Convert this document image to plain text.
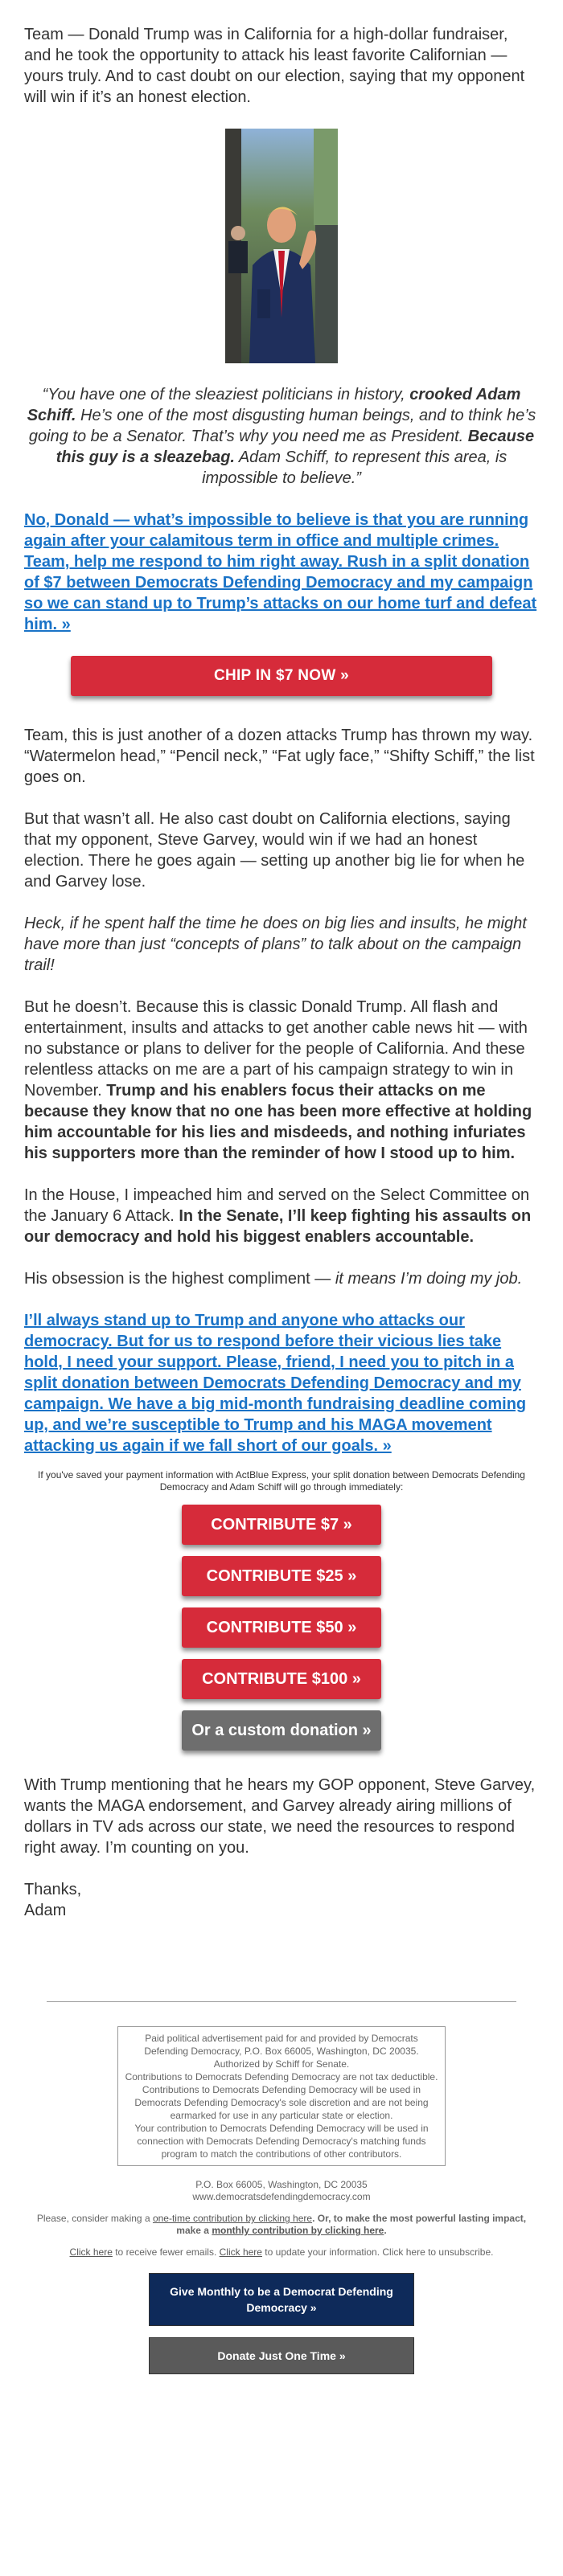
Team — Donald Trump was in California for a high-dollar fundraiser, and he took the opportunity to attack his least favorite Californian — yours truly. And to cast doubt on our election, saying that my opponent will win if it’s an honest election.

“You have one of the sleaziest politicians in history, crooked Adam Schiff. He’s one of the most disgusting human beings, and to think he’s going to be a Senator. That’s why you need me as President. Because this guy is a sleazebag. Adam Schiff, to represent this area, is impossible to believe.”

No, Donald — what’s impossible to believe is that you are running again after your calamitous term in office and multiple crimes. Team, help me respond to him right away. Rush in a split donation of $7 between Democrats Defending Democracy and my campaign so we can stand up to Trump’s attacks on our home turf and defeat him. »

CHIP IN $7 NOW »

Team, this is just another of a dozen attacks Trump has thrown my way. “Watermelon head,” “Pencil neck,” “Fat ugly face,” “Shifty Schiff,” the list goes on.

But that wasn’t all. He also cast doubt on California elections, saying that my opponent, Steve Garvey, would win if we had an honest election. There he goes again — setting up another big lie for when he and Garvey lose.

Heck, if he spent half the time he does on big lies and insults, he might have more than just “concepts of plans” to talk about on the campaign trail!

But he doesn’t. Because this is classic Donald Trump. All flash and entertainment, insults and attacks to get another cable news hit — with no substance or plans to deliver for the people of California. And these relentless attacks on me are a part of his campaign strategy to win in November. Trump and his enablers focus their attacks on me because they know that no one has been more effective at holding him accountable for his lies and misdeeds, and nothing infuriates his supporters more than the reminder of how I stood up to him.

In the House, I impeached him and served on the Select Committee on the January 6 Attack. In the Senate, I’ll keep fighting his assaults on our democracy and hold his biggest enablers accountable.

His obsession is the highest compliment — it means I’m doing my job.

I’ll always stand up to Trump and anyone who attacks our democracy. But for us to respond before their vicious lies take hold, I need your support. Please, friend, I need you to pitch in a split donation between Democrats Defending Democracy and my campaign. We have a big mid-month fundraising deadline coming up, and we’re susceptible to Trump and his MAGA movement attacking us again if we fall short of our goals. »

If you've saved your payment information with ActBlue Express, your split donation between Democrats Defending Democracy and Adam Schiff will go through immediately:

CONTRIBUTE $7 »
CONTRIBUTE $25 »
CONTRIBUTE $50 »
CONTRIBUTE $100 »
Or a custom donation »

With Trump mentioning that he hears my GOP opponent, Steve Garvey, wants the MAGA endorsement, and Garvey already airing millions of dollars in TV ads across our state, we need the resources to respond right away. I’m counting on you.

Thanks,
Adam

Paid political advertisement paid for and provided by Democrats Defending Democracy, P.O. Box 66005, Washington, DC 20035. Authorized by Schiff for Senate.
Contributions to Democrats Defending Democracy are not tax deductible.
Contributions to Democrats Defending Democracy will be used in Democrats Defending Democracy's sole discretion and are not being earmarked for use in any particular state or election.
Your contribution to Democrats Defending Democracy will be used in connection with Democrats Defending Democracy's matching funds program to match the contributions of other contributors.

P.O. Box 66005, Washington, DC 20035
www.democratsdefendingdemocracy.com

Please, consider making a one-time contribution by clicking here. Or, to make the most powerful lasting impact, make a monthly contribution by clicking here.

Click here to receive fewer emails. Click here to update your information. Click here to unsubscribe.

Give Monthly to be a Democrat Defending Democracy »
Donate Just One Time »
